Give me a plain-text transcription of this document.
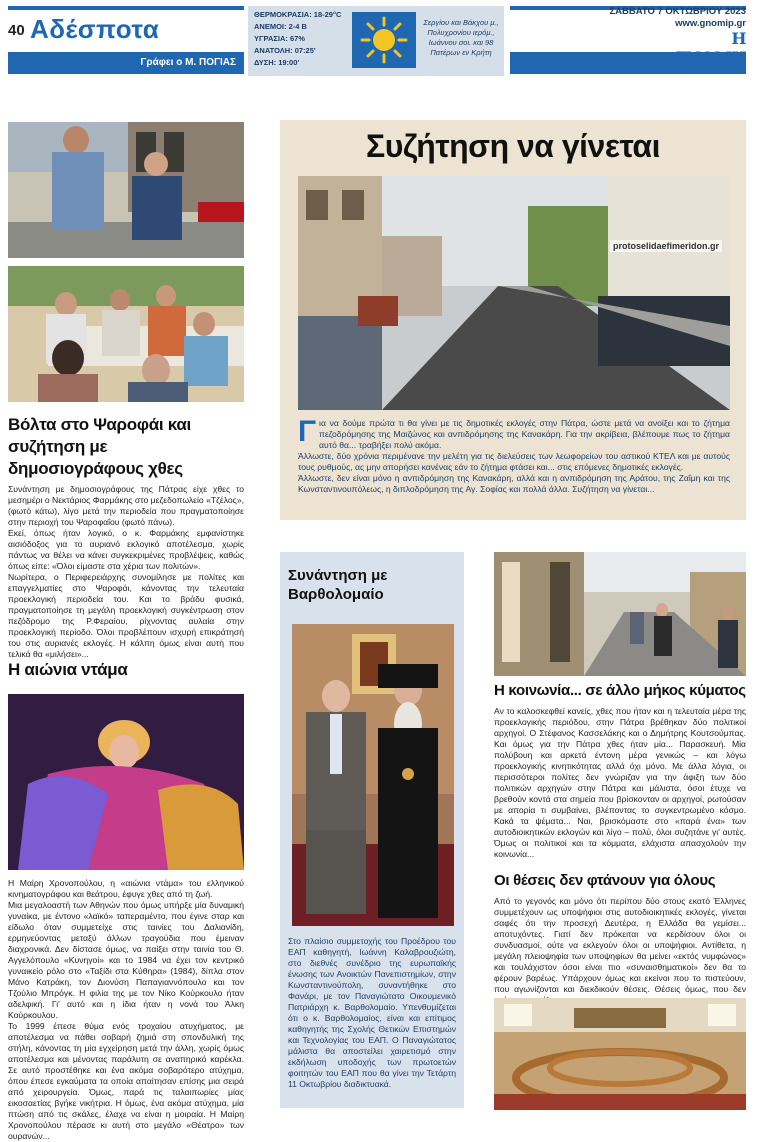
40 Αδέσποτα
Γράφει ο Μ. ΠΟΓΙΑΣ
ΘΕΡΜΟΚΡΑΣΙΑ: 18-29°C
ΑΝΕΜΟΙ: 2-4 Β
ΥΓΡΑΣΙΑ: 67%
ΑΝΑΤΟΛΗ: 07:25'
ΔΥΣΗ: 19:00'
Σεργίου και Βάκχου μ., Πολυχρονίου ιερόμ., Ιωάννου σοι. και 98 Πατέρων εν Κρήτη
ΣΑΒΒΑΤΟ 7 ΟΚΤΩΒΡΙΟΥ 2023
www.gnomip.gr
Η
Βόλτα στο Ψαροφάι και συζήτηση με δημοσιογράφους χθες

Συνάντηση με δημοσιογράφους της Πάτρας είχε χθες το μεσημέρι ο Νεκτάριος Φαρμάκης στο μεζεδοπωλείο «Τζέλος», (φωτό κάτω), λίγο μετά την περιοδεία που πραγματοποίησε στην περιοχή του Ψαροφαΐου (φωτό πάνω).

Εκεί, όπως ήταν λογικό, ο κ. Φαρμάκης εμφανίστηκε αισιόδοξος για το αυριανό εκλογικό αποτέλεσμα, χωρίς πάντως να θέλει να κάνει συγκεκριμένες προβλέψεις, καθώς όπως είπε: «Όλοι είμαστε στα χέρια των πολιτών».

Νωρίτερα, ο Περιφερειάρχης συνομίλησε με πολίτες και επαγγελματίες στο Ψαροφάι, κάνοντας την τελευταία προεκλογική περιοδεία του. Και το βράδυ φυσικά, πραγματοποίησε τη μεγάλη προεκλογική συγκέντρωση στον πεζόδρομο της Ρ.Φεραίου, ρίχνοντας αυλαία στην προεκλογική περίοδο. Όλοι προβλέπουν ισχυρή επικράτησή του στις αυριανές εκλογές. Η κάλπη όμως είναι αυτή που τελικά θα «μιλήσει»...

Η αιώνια ντάμα

Η Μαίρη Χρονοπούλου, η «αιώνια ντάμα» του ελληνικού κινηματογράφου και θεάτρου, έφυγε χθες από τη ζωή.

Μια μεγαλοαστή των Αθηνών που όμως υπήρξε μία δυναμική γυναίκα, με έντονο «λαϊκό» ταπεραμέντο, που έγινε σταρ και είδωλο όταν συμμετείχε στις ταινίες του Δαλιανίδη, ερμηνεύοντας μεταξύ άλλων τραγούδια που έμειναν διαχρονικά. Δεν δίστασε όμως, να παίξει στην ταινία του Θ. Αγγελόπουλο «Κυνηγοί» και το 1984 να έχει τον κεντρικό γυναικείο ρόλο στο «Ταξίδι στα Κύθηρα» (1984), δίπλα στον Μάνο Κατράκη, τον Διονύση Παπαγιαννόπουλο και τον Τζούλιο Μπρόγκ. Η φιλία της με τον Νίκο Κούρκουλο ήταν αδελφική. Γι' αυτό και η ίδια ήταν η νονά του Άλκη Κούρκουλου.

Το 1999 έπεσε θύμα ενός τροχαίου ατυχήματος, με αποτέλεσμα να πάθει σοβαρή ζημιά στη σπονδυλική της στήλη, κάνοντας τη μία εγχείρηση μετά την άλλη, χωρίς όμως αποτέλεσμα και μένοντας παράλυτη σε αναπηρικό καρέκλα. Σε αυτό προστέθηκε και ένα ακόμα σοβαρότερο ατύχημα, όπου έπεσε εγκαύματα τα οποία απαίτησαν επίσης μια σειρά από χειρουργεία. Όμως, παρά τις ταλαιπωρίες μίας εικοσαετίας βγήκε νικήτρια. Η όμως, ένα ακόμα ατύχημα, μία πτώση από τις σκάλες, έλαχε να είναι η μοιραία. Η Μαίρη Χρονοπούλου πέρασε κι αυτή στο μεγάλο «Θέατρο» των ουρανών...

Συζήτηση να γίνεται

Για να δούμε πρώτα τι θα γίνει με τις δημοτικές εκλογές στην Πάτρα, ώστε μετά να ανοίξει και το ζήτημα πεζοδρόμησης της Μαιζώνος και ανπιδρόμησης της Κανακάρη. Για την ακρίβεια, βλέπουμε πως το ζήτημα αυτό θα... τραβήξει πολύ ακόμα.

Άλλωστε, δύο χρόνια περιμένανε την μελέτη για τις διελεύσεις των λεωφορείων του αστικού ΚΤΕΛ και με αυτούς τους ρυθμούς, ας μην απορήσει κανένας εάν το ζήτημα φτάσει και... στις επόμενες δημοτικές εκλογές.

Άλλωστε, δεν είναι μόνο η ανπιδρόμηση της Κανακάρη, αλλά και η ανπιδρόμηση της Αράτου, της Ζαΐμη και της Κωνσταντινουπόλεως, η διπλοδρόμηση της Αγ. Σοφίας και πολλά άλλα. Συζήτηση να γίνεται...

protoselidaefimeridon.gr
Συνάντηση με Βαρθολομαίο
Στο πλαίσιο συμμετοχής του Προέδρου του ΕΑΠ καθηγητή, Ιωάννη Καλαβρουζιώτη, στο διεθνές συνέδριο της ευρωπαϊκής ένωσης των Ανοικτών Πανεπιστημίων, στην Κωνσταντινούπολη, συναντήθηκε στο Φανάρι, με τον Παναγιώτατο Οικουμενικό Πατριάρχη κ. Βαρθολομαίο. Υπενθυμίζεται ότι ο κ. Βαρθολομαίος, είναι και επίτιμος καθηγητής της Σχολής Θετικών Επιστημών και Τεχνολογίας του ΕΑΠ. Ο Παναγιώτατος μάλιστα θα αποστείλει χαιρετισμό στην εκδήλωση υποδοχής των πρωτοετών φοιτητών του ΕΑΠ που θα γίνει την Τετάρτη 11 Οκτωβρίου διαδικτυακά.
Η κοινωνία... σε άλλο μήκος κύματος
Αν το καλοσκεφθεί κανείς, χθες που ήταν και η τελευταία μέρα της προεκλογικής περιόδου, στην Πάτρα βρέθηκαν δύο πολιτικοί αρχηγοί. Ο Στέφανος Κασσελάκης και ο Δημήτρης Κουτσούμπας. Και όμως για την Πάτρα χθες ήταν μία... Παρασκευή. Μία πολύβουη και αρκετά έντονη μέρα γενικώς – και λόγω προεκλογικής κινητικότητας αλλά όχι μόνο. Με άλλα λόγια, οι περισσότεροι πολίτες δεν γνώριζαν για την άφιξη των δύο πολιτικών αρχηγών στην Πάτρα και μάλιστα, όσοι έτυχε να βρεθούν κοντά στα σημεία που βρίσκονταν οι αρχηγοί, ρωτούσαν με απορία τι συμβαίνει, βλέποντας το συγκεντρωμένο κόσμο. Κακά τα ψέματα... Ναι, βρισκόμαστε στο «παρά ένα» των αυτοδιοικητικών εκλογών και λίγο – πολύ, όλοι συζητάνε γι' αυτές. Όμως οι πολιτικοί και τα κόμματα, ελάχιστα απασχολούν την κοινωνία...
Οι θέσεις δεν φτάνουν για όλους
Από το γεγονός και μόνο ότι περίπου δύο στους εκατό Έλληνες συμμετέχουν ως υποψήφιοι στις αυτοδιοικητικές εκλογές, γίνεται σαφές ότι την προσεχή Δευτέρα, η Ελλάδα θα γεμίσει... αποτυχόντες. Γιατί δεν πρόκειται να κερδίσουν όλοι οι συνδυασμοί, ούτε να εκλεγούν όλοι οι υποψήφιοι. Αντίθετα, η μεγάλη πλειοψηφία των υποψηφίων θα μείνει «εκτός νυμφώνος» και τουλάχιστον όσοι είναι πιο «συναισθηματικοί» δεν θα το φέρουν βαρέως. Υπάρχουν όμως και εκείνοι που το πιστεύουν, που αγωνίζονται και διεκδικούν θέσεις. Θέσεις όμως, που δεν
